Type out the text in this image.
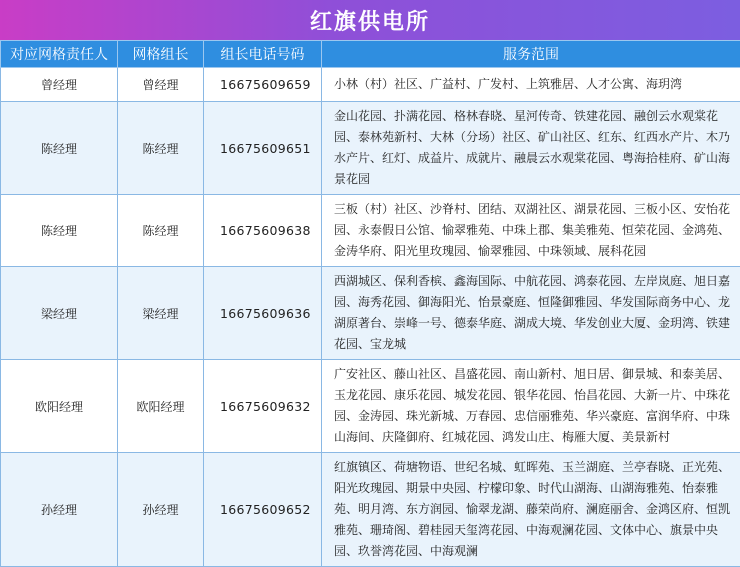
红旗供电所
对应网格责任人	网格组长	组长电话号码	服务范围
曾经理	曾经理	16675609659	小林（村）社区、广益村、广发村、上筑雅居、人才公寓、海玥湾
陈经理	陈经理	16675609651	金山花园、扑满花园、格林春晓、星河传奇、铁建花园、融创云水观棠花园、泰林苑新村、大林（分场）社区、矿山社区、红东、红西水产片、木乃水产片、红灯、成益片、成就片、融晨云水观棠花园、粤海拾桂府、矿山海景花园
陈经理	陈经理	16675609638	三板（村）社区、沙脊村、团结、双湖社区、湖景花园、三板小区、安怡花园、永泰假日公馆、愉翠雅苑、中珠上郡、集美雅苑、恒荣花园、金鸿苑、金涛华府、阳光里玫瑰园、愉翠雅园、中珠领域、展科花园
梁经理	梁经理	16675609636	西湖城区、保利香槟、鑫海国际、中航花园、鸿泰花园、左岸岚庭、旭日嘉园、海秀花园、御海阳光、怡景豪庭、恒隆御雅园、华发国际商务中心、龙湖原著台、崇峰一号、德泰华庭、湖成大境、华发创业大厦、金玥湾、铁建花园、宝龙城
欧阳经理	欧阳经理	16675609632	广安社区、藤山社区、昌盛花园、南山新村、旭日居、御景城、和泰美居、玉龙花园、康乐花园、城发花园、银华花园、怡昌花园、大新一片、中珠花园、金涛园、珠光新城、万春园、忠信丽雅苑、华兴豪庭、富润华府、中珠山海间、庆隆御府、红城花园、鸿发山庄、梅雁大厦、美景新村
孙经理	孙经理	16675609652	红旗镇区、荷塘物语、世纪名城、虹晖苑、玉兰湖庭、兰亭春晓、正光苑、阳光玫瑰园、期景中央园、柠檬印象、时代山湖海、山湖海雅苑、怡泰雅苑、明月湾、东方润园、愉翠龙湖、藤荣尚府、澜庭丽舍、金鸿区府、恒凯雅苑、珊琦阁、碧桂园天玺湾花园、中海观澜花园、文体中心、旗景中央园、玖誉湾花园、中海观澜
